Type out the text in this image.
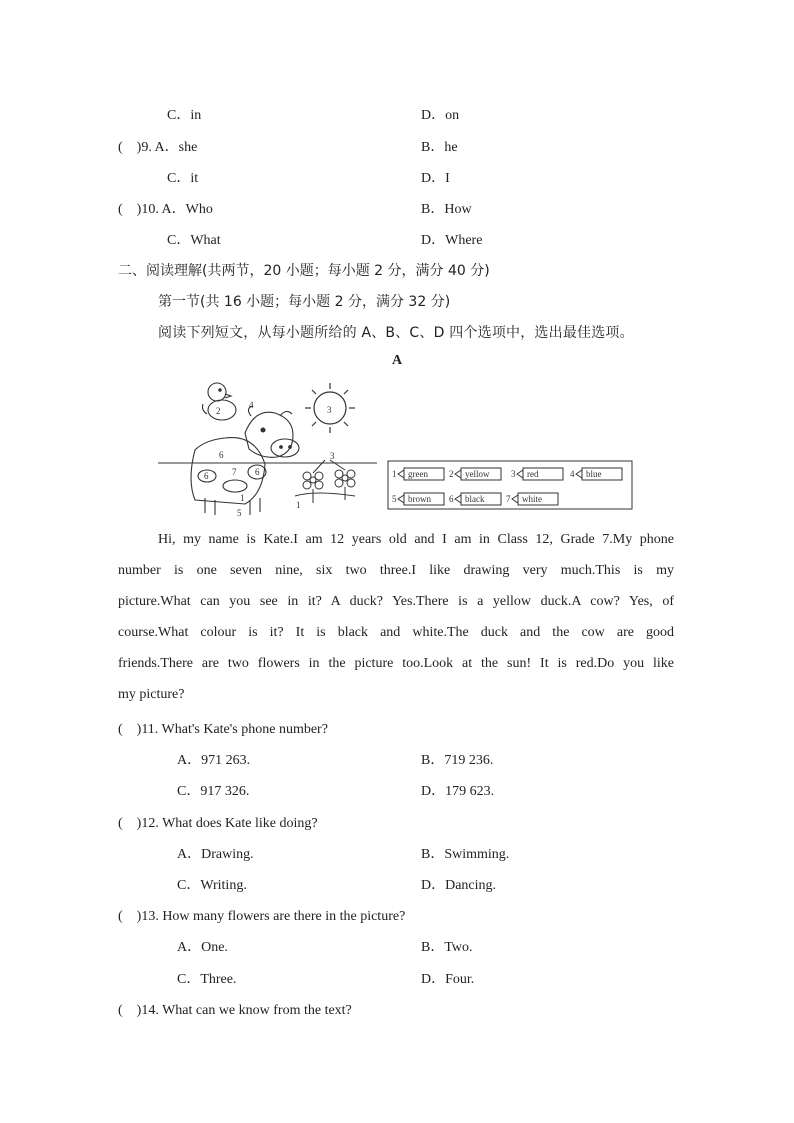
C．in	D．on
(　)9. A．she	B．he
C．it	D．I
(　)10. A．Who	B．How
C．What	D．Where
二、阅读理解(共两节，20 小题；每小题 2 分，满分 40 分)
第一节(共 16 小题；每小题 2 分，满分 32 分)
阅读下列短文，从每小题所给的 A、B、C、D 四个选项中，选出最佳选项。
A
4
2
6
3
7
6	6
1
3
1
5
1 green 2 yellow 3 red	4 blue
5 brown 6 black 7 white
Hi, my name is Kate.I am 12 years old and I am in Class 12, Grade 7.My phone
number is one seven nine, six two three.I like drawing very much.This is my
picture.What can you see in it? A duck? Yes.There is a yellow duck.A cow? Yes, of
course.What colour is it? It is black and white.The duck and the cow are good
friends.There are two flowers in the picture too.Look at the sun! It is red.Do you like
my picture?
(　)11. What's Kate's phone number?
A．971 263.	B．719 236.
C．917 326.	D．179 623.
(　)12. What does Kate like doing?
A．Drawing.	B．Swimming.
C．Writing.	D．Dancing.
(　)13. How many flowers are there in the picture?
A．One.	B．Two.
C．Three.	D．Four.
(　)14. What can we know from the text?
